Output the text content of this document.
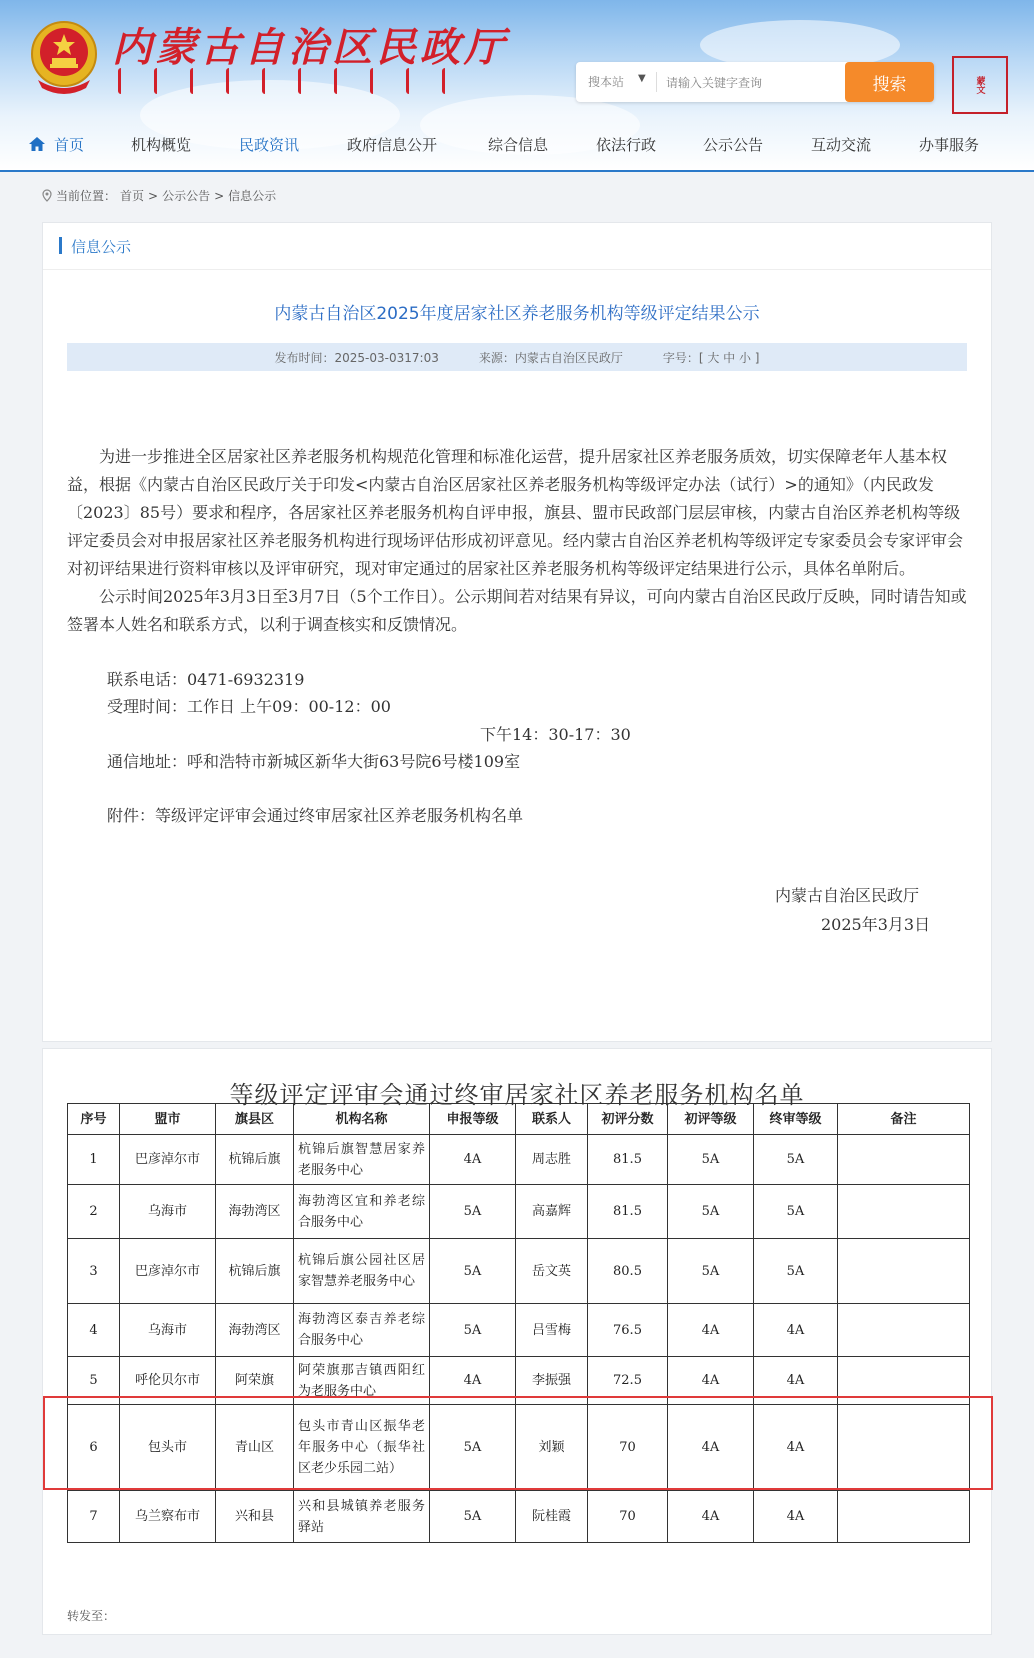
内蒙古自治区民政厅
搜本站 ▼
请输入关键字查询	搜索	蒙文
首页	机构概览	民政资讯	政府信息公开	综合信息	依法行政	公示公告	互动交流	办事服务
当前位置： 首页 > 公示公告 > 信息公示
信息公示
内蒙古自治区2025年度居家社区养老服务机构等级评定结果公示
发布时间：2025-03-0317:03	来源：内蒙古自治区民政厅	字号：[ 大 中 小 ]

为进一步推进全区居家社区养老服务机构规范化管理和标准化运营，提升居家社区养老服务质效，切实保障老年人基本权益，根据《内蒙古自治区民政厅关于印发<内蒙古自治区居家社区养老服务机构等级评定办法（试行）>的通知》（内民政发〔2023〕85号）要求和程序，各居家社区养老服务机构自评申报，旗县、盟市民政部门层层审核，内蒙古自治区养老机构等级评定委员会对申报居家社区养老服务机构进行现场评估形成初评意见。经内蒙古自治区养老机构等级评定专家委员会专家评审会对初评结果进行资料审核以及评审研究，现对审定通过的居家社区养老服务机构等级评定结果进行公示，具体名单附后。

公示时间2025年3月3日至3月7日（5个工作日）。公示期间若对结果有异议，可向内蒙古自治区民政厅反映，同时请告知或签署本人姓名和联系方式，以利于调查核实和反馈情况。

联系电话：0471-6932319
受理时间：工作日 上午09：00-12：00
下午14：30-17：30
通信地址：呼和浩特市新城区新华大街63号院6号楼109室
附件：等级评定评审会通过终审居家社区养老服务机构名单
内蒙古自治区民政厅
2025年3月3日
等级评定评审会通过终审居家社区养老服务机构名单
序号	盟市	旗县区	机构名称	申报等级	联系人	初评分数	初评等级	终审等级	备注
1	巴彦淖尔市	杭锦后旗	杭锦后旗智慧居家养老服务中心	4A	周志胜	81.5	5A	5A	
2	乌海市	海勃湾区	海勃湾区宜和养老综合服务中心	5A	高嘉辉	81.5	5A	5A	
3	巴彦淖尔市	杭锦后旗	杭锦后旗公园社区居家智慧养老服务中心	5A	岳文英	80.5	5A	5A	
4	乌海市	海勃湾区	海勃湾区泰吉养老综合服务中心	5A	吕雪梅	76.5	4A	4A	
5	呼伦贝尔市	阿荣旗	阿荣旗那吉镇西阳红为老服务中心	4A	李振强	72.5	4A	4A	
6	包头市	青山区	包头市青山区振华老年服务中心（振华社区老少乐园二站）	5A	刘颖	70	4A	4A	
7	乌兰察布市	兴和县	兴和县城镇养老服务驿站	5A	阮桂霞	70	4A	4A	
转发至：
